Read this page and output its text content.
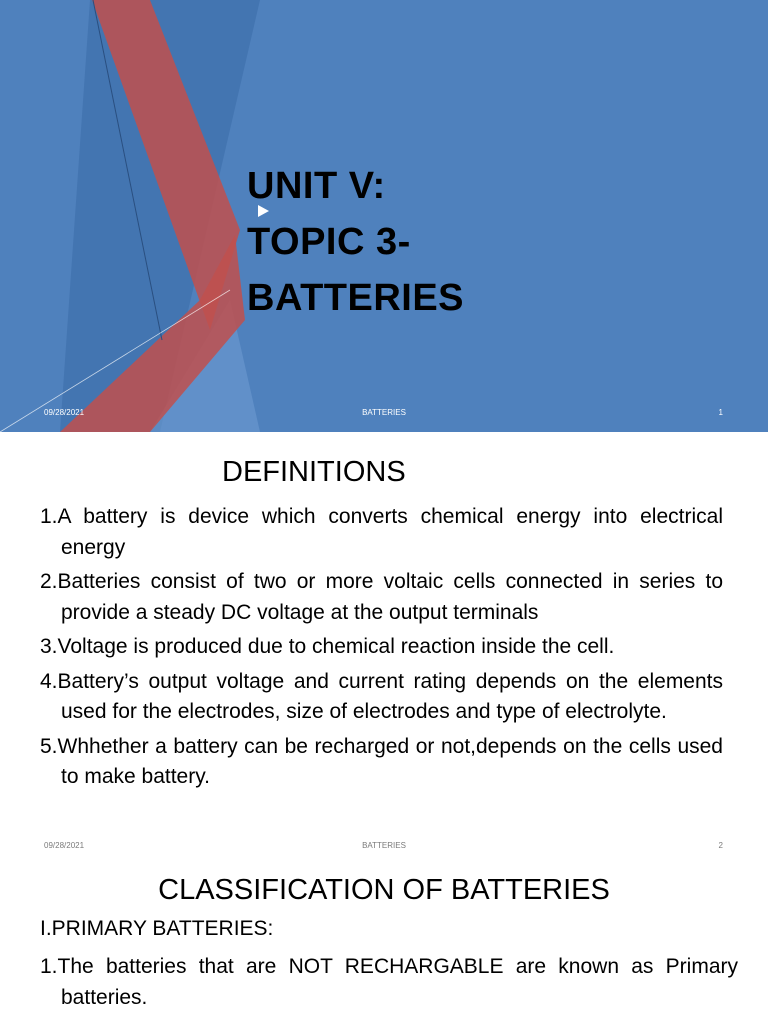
UNIT V:
TOPIC 3-
BATTERIES
09/28/2021	BATTERIES	1
DEFINITIONS

1.A battery is device which converts chemical energy into electrical energy

2.Batteries consist of two or more voltaic cells connected in series to provide a steady DC voltage at the output terminals

3.Voltage is produced due to chemical reaction inside the cell.

4.Battery’s output voltage and current rating depends on the elements used for the electrodes, size of electrodes and type of electrolyte.

5.Whhether a battery can be recharged or not,depends on the cells used to make battery.

09/28/2021	BATTERIES	2
CLASSIFICATION OF BATTERIES
I.PRIMARY BATTERIES:

1.The batteries that are NOT RECHARGABLE are known as Primary batteries.
